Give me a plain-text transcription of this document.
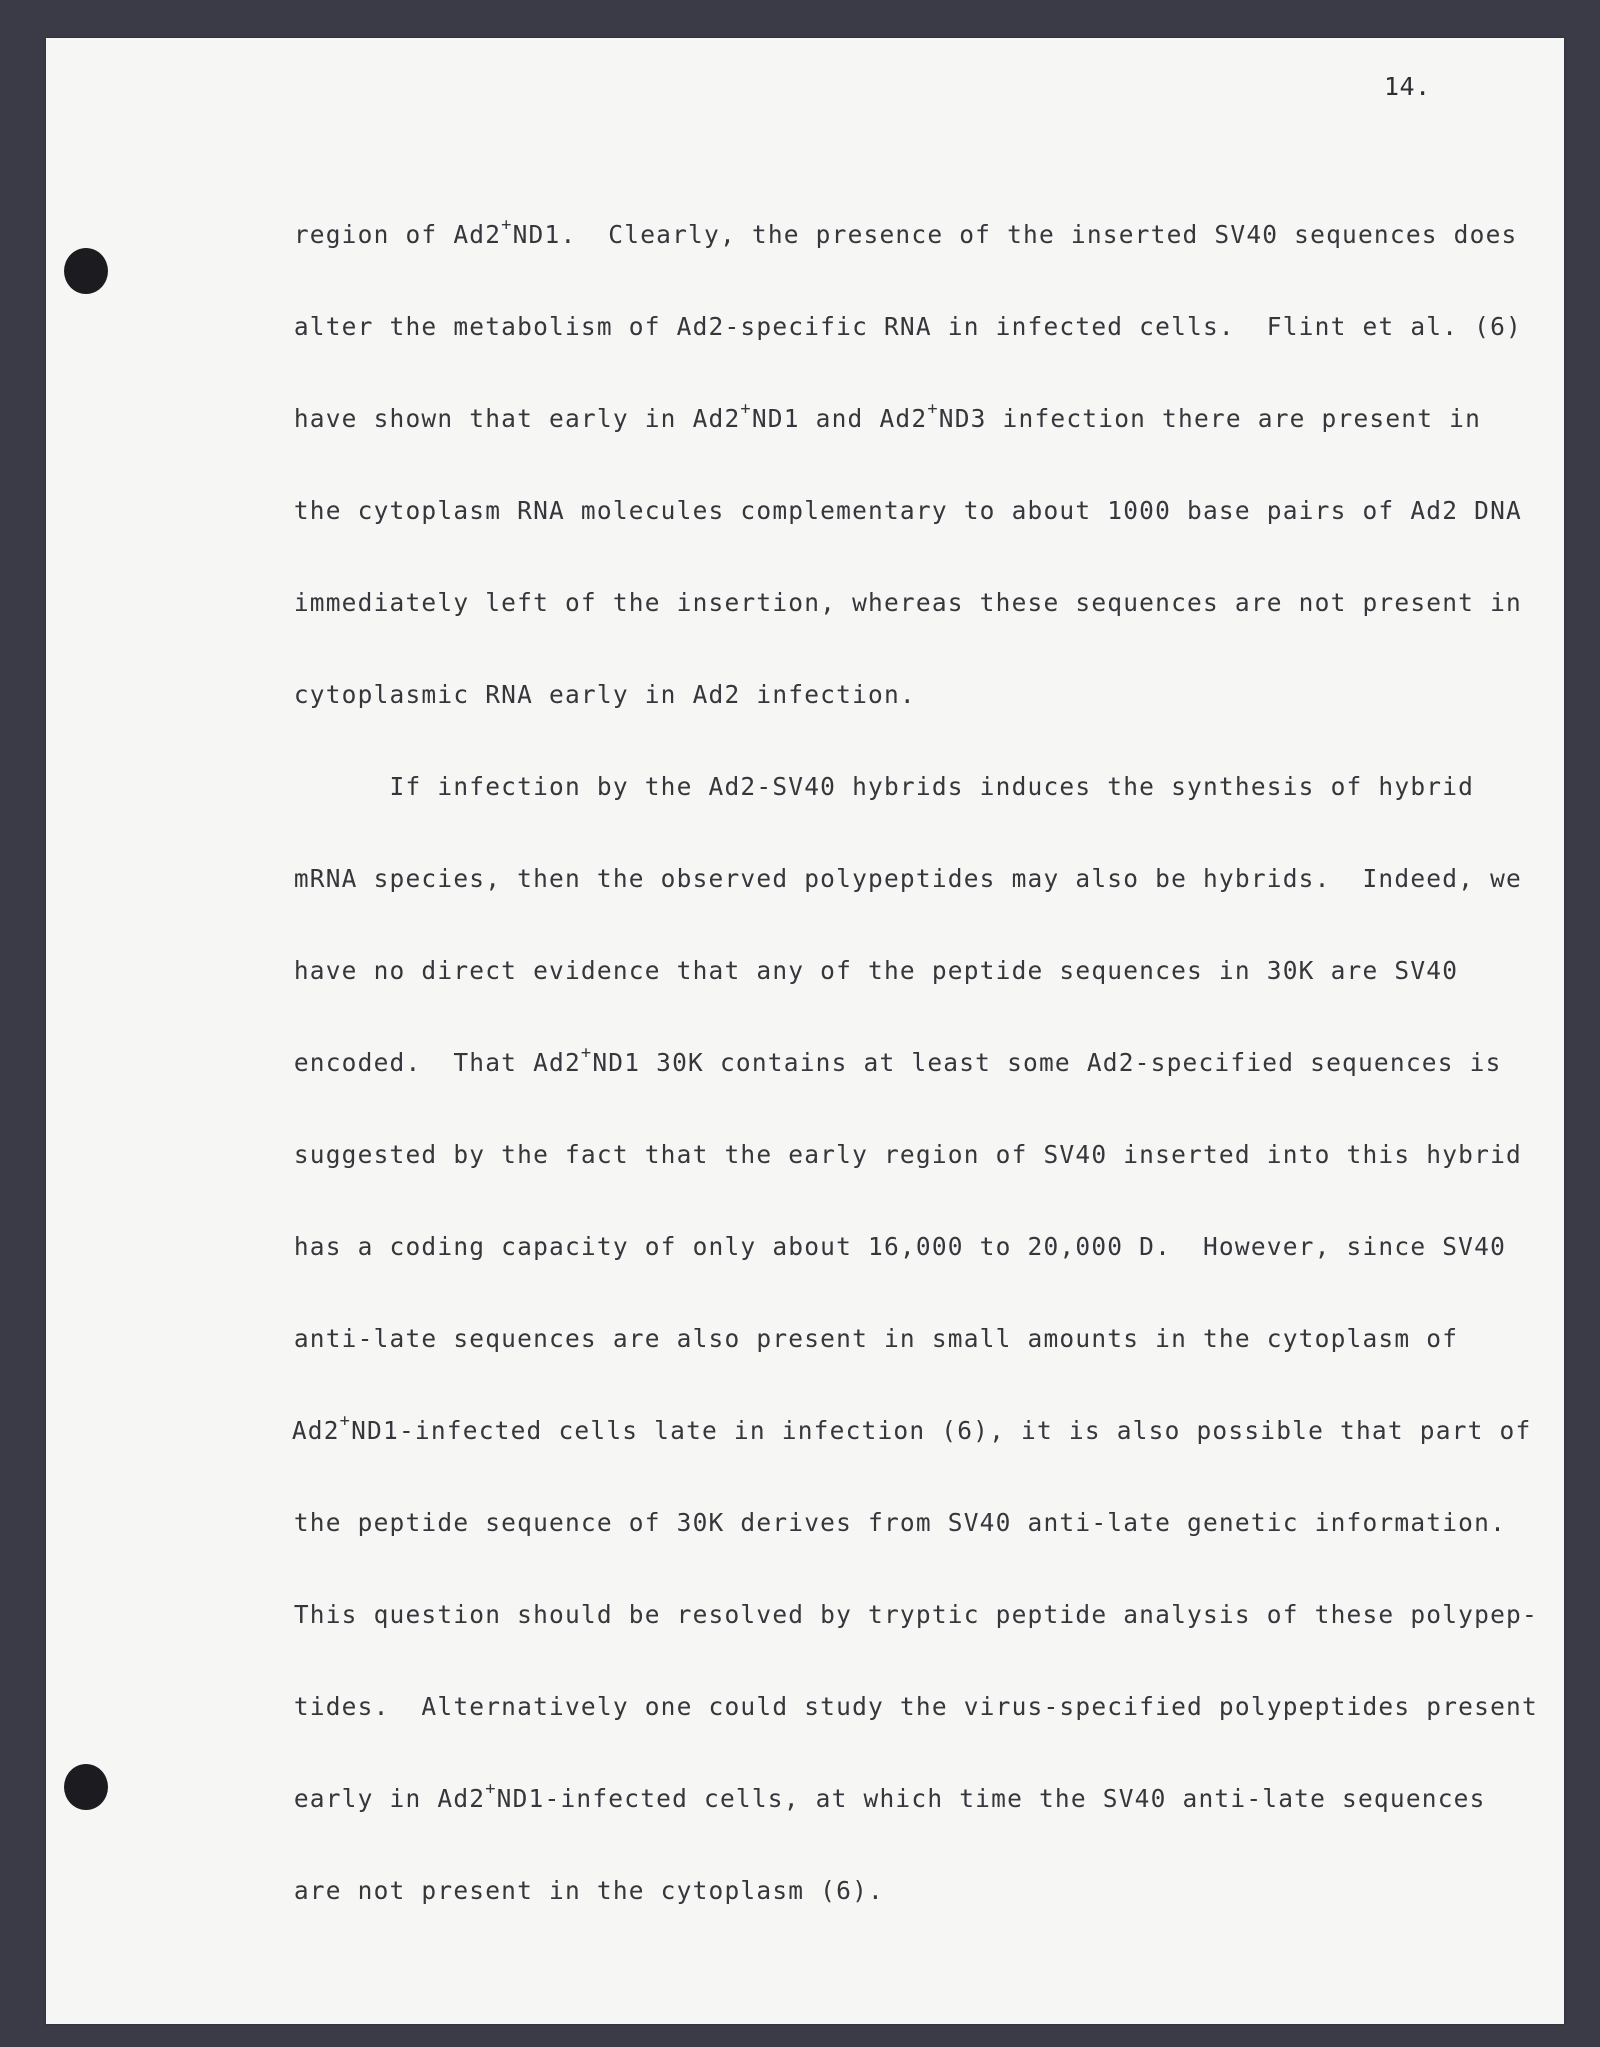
14.

region of Ad2+ND1.  Clearly, the presence of the inserted SV40 sequences does

alter the metabolism of Ad2-specific RNA in infected cells.  Flint et al. (6)

have shown that early in Ad2+ND1 and Ad2+ND3 infection there are present in

the cytoplasm RNA molecules complementary to about 1000 base pairs of Ad2 DNA

immediately left of the insertion, whereas these sequences are not present in

cytoplasmic RNA early in Ad2 infection.

If infection by the Ad2-SV40 hybrids induces the synthesis of hybrid

mRNA species, then the observed polypeptides may also be hybrids.  Indeed, we

have no direct evidence that any of the peptide sequences in 30K are SV40

encoded.  That Ad2+ND1 30K contains at least some Ad2-specified sequences is

suggested by the fact that the early region of SV40 inserted into this hybrid

has a coding capacity of only about 16,000 to 20,000 D.  However, since SV40

anti-late sequences are also present in small amounts in the cytoplasm of

Ad2+ND1-infected cells late in infection (6), it is also possible that part of

the peptide sequence of 30K derives from SV40 anti-late genetic information.

This question should be resolved by tryptic peptide analysis of these polypep-

tides.  Alternatively one could study the virus-specified polypeptides present

early in Ad2+ND1-infected cells, at which time the SV40 anti-late sequences

are not present in the cytoplasm (6).
